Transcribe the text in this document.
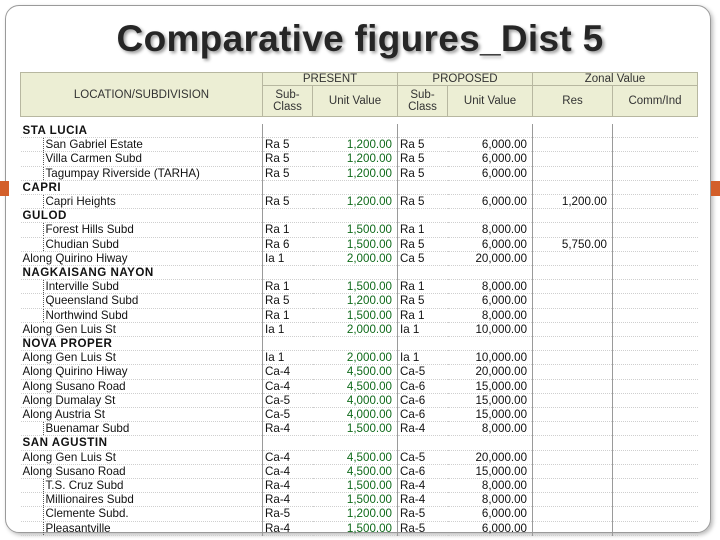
Comparative figures_Dist 5
LOCATION/SUBDIVISION	PRESENT		PROPOSED		Zonal Value	
	Sub-Class	Unit Value	Sub-Class	Unit Value	Res	Comm/Ind

STA LUCIA						
San Gabriel Estate	Ra 5	1,200.00	Ra 5	6,000.00		
Villa Carmen Subd	Ra 5	1,200.00	Ra 5	6,000.00		
Tagumpay Riverside (TARHA)	Ra 5	1,200.00	Ra 5	6,000.00		
CAPRI						
Capri Heights	Ra 5	1,200.00	Ra 5	6,000.00	1,200.00	
GULOD						
Forest Hills Subd	Ra 1	1,500.00	Ra 1	8,000.00		
Chudian Subd	Ra 6	1,500.00	Ra 5	6,000.00	5,750.00	
Along Quirino Hiway	Ia 1	2,000.00	Ca 5	20,000.00		
NAGKAISANG NAYON						
Interville Subd	Ra 1	1,500.00	Ra 1	8,000.00		
Queensland Subd	Ra 5	1,200.00	Ra 5	6,000.00		
Northwind Subd	Ra 1	1,500.00	Ra 1	8,000.00		
Along Gen Luis St	Ia 1	2,000.00	Ia 1	10,000.00		
NOVA PROPER						
Along Gen Luis St	Ia 1	2,000.00	Ia 1	10,000.00		
Along Quirino Hiway	Ca-4	4,500.00	Ca-5	20,000.00		
Along Susano Road	Ca-4	4,500.00	Ca-6	15,000.00		
Along Dumalay St	Ca-5	4,000.00	Ca-6	15,000.00		
Along Austria St	Ca-5	4,000.00	Ca-6	15,000.00		
Buenamar Subd	Ra-4	1,500.00	Ra-4	8,000.00		
SAN AGUSTIN						
Along Gen Luis St	Ca-4	4,500.00	Ca-5	20,000.00		
Along Susano Road	Ca-4	4,500.00	Ca-6	15,000.00		
T.S. Cruz Subd	Ra-4	1,500.00	Ra-4	8,000.00		
Millionaires Subd	Ra-4	1,500.00	Ra-4	8,000.00		
Clemente Subd.	Ra-5	1,200.00	Ra-5	6,000.00		
Pleasantville	Ra-4	1,500.00	Ra-5	6,000.00		
